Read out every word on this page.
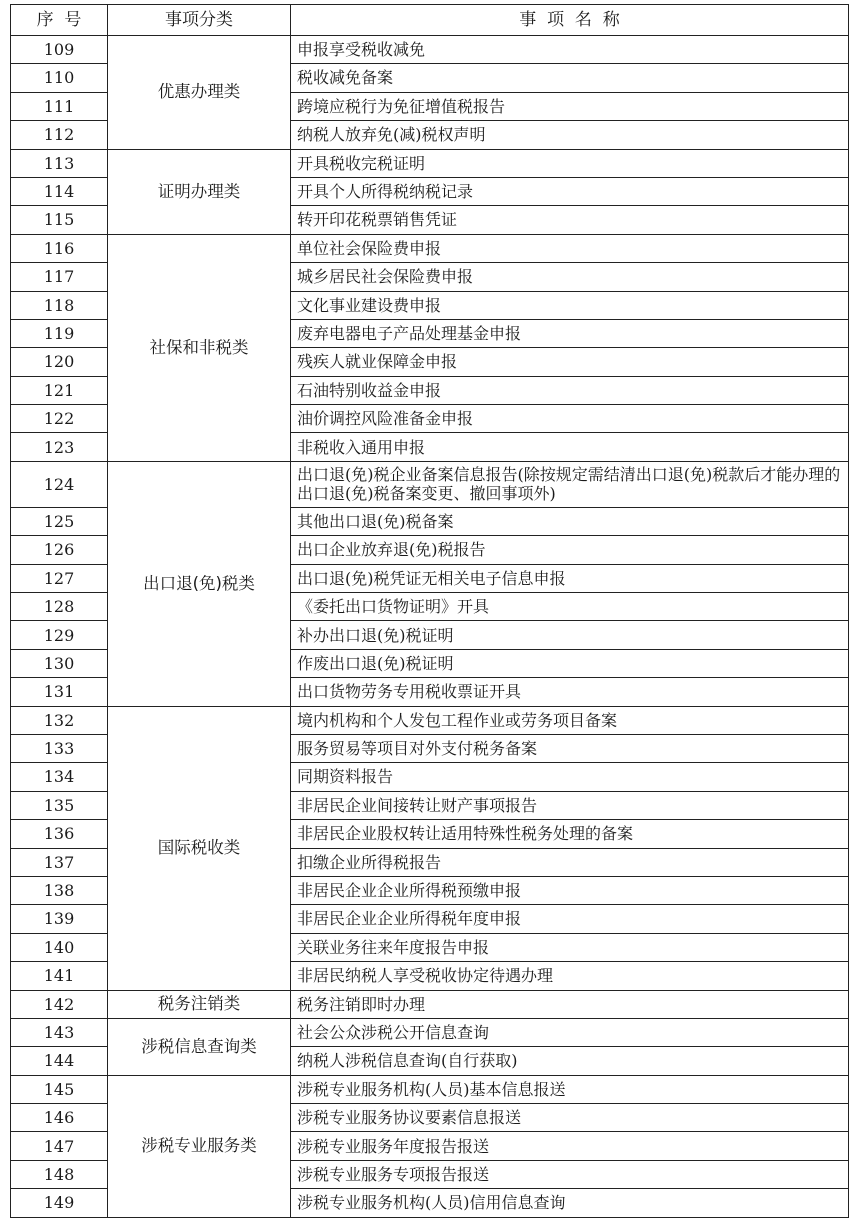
序  号	事项分类	事  项  名  称
109	优惠办理类	申报享受税收减免
110		税收减免备案
111		跨境应税行为免征增值税报告
112		纳税人放弃免(减)税权声明
113	证明办理类	开具税收完税证明
114		开具个人所得税纳税记录
115		转开印花税票销售凭证
116	社保和非税类	单位社会保险费申报
117		城乡居民社会保险费申报
118		文化事业建设费申报
119		废弃电器电子产品处理基金申报
120		残疾人就业保障金申报
121		石油特别收益金申报
122		油价调控风险准备金申报
123		非税收入通用申报
124	出口退(免)税类	出口退(免)税企业备案信息报告(除按规定需结清出口退(免)税款后才能办理的出口退(免)税备案变更、撤回事项外)
125		其他出口退(免)税备案
126		出口企业放弃退(免)税报告
127		出口退(免)税凭证无相关电子信息申报
128		《委托出口货物证明》开具
129		补办出口退(免)税证明
130		作废出口退(免)税证明
131		出口货物劳务专用税收票证开具
132	国际税收类	境内机构和个人发包工程作业或劳务项目备案
133		服务贸易等项目对外支付税务备案
134		同期资料报告
135		非居民企业间接转让财产事项报告
136		非居民企业股权转让适用特殊性税务处理的备案
137		扣缴企业所得税报告
138		非居民企业企业所得税预缴申报
139		非居民企业企业所得税年度申报
140		关联业务往来年度报告申报
141		非居民纳税人享受税收协定待遇办理
142	税务注销类	税务注销即时办理
143	涉税信息查询类	社会公众涉税公开信息查询
144		纳税人涉税信息查询(自行获取)
145	涉税专业服务类	涉税专业服务机构(人员)基本信息报送
146		涉税专业服务协议要素信息报送
147		涉税专业服务年度报告报送
148		涉税专业服务专项报告报送
149		涉税专业服务机构(人员)信用信息查询
